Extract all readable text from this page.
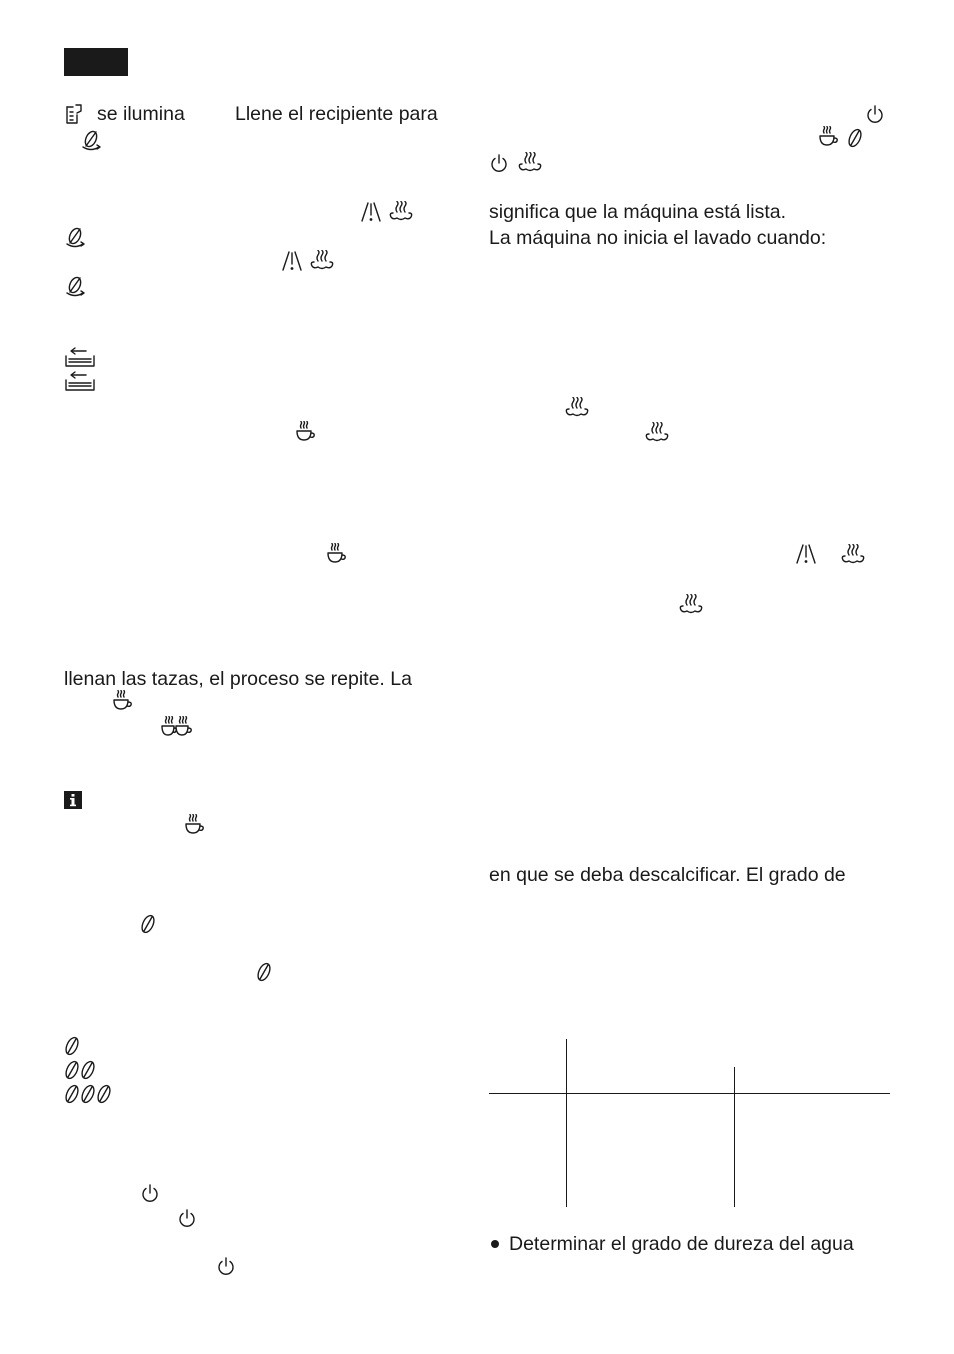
se ilumina	Llene el recipiente para
llenan las tazas, el proceso se repite. La
significa que la máquina está lista.
La máquina no inicia el lavado cuando:
en que se deba descalcificar. El grado de
Determinar el grado de dureza del agua
